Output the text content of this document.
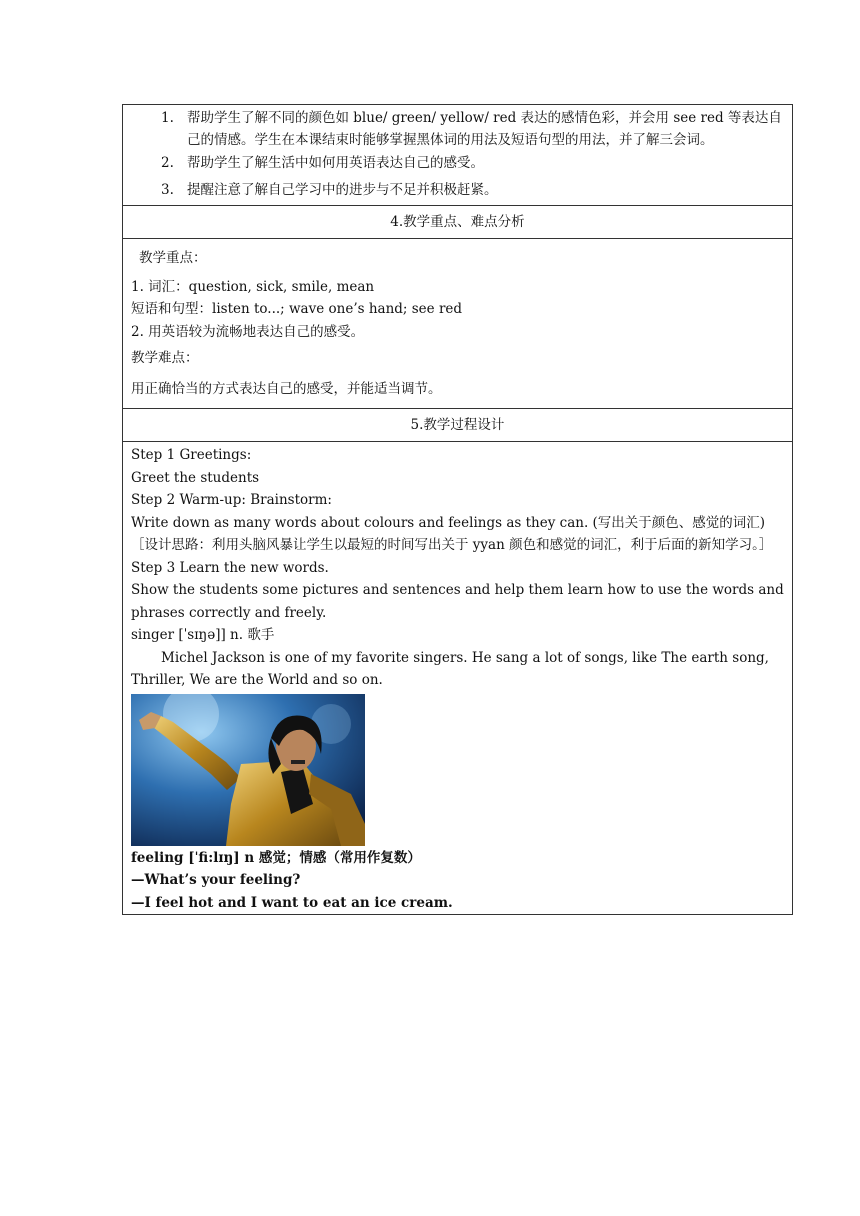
1. 帮助学生了解不同的颜色如 blue/ green/ yellow/ red 表达的感情色彩，并会用 see red 等表达自己的情感。学生在本课结束时能够掌握黑体词的用法及短语句型的用法，并了解三会词。
2. 帮助学生了解生活中如何用英语表达自己的感受。
3. 提醒注意了解自己学习中的进步与不足并积极赶紧。
4.教学重点、难点分析

教学重点：

1. 词汇：question, sick, smile, mean

短语和句型：listen to...; wave one’s hand; see red

2. 用英语较为流畅地表达自己的感受。

教学难点：

用正确恰当的方式表达自己的感受，并能适当调节。

5.教学过程设计

Step 1 Greetings:

Greet the students

Step 2 Warm-up: Brainstorm:

Write down as many words about colours and feelings as they can. (写出关于颜色、感觉的词汇)

［设计思路：利用头脑风暴让学生以最短的时间写出关于 yyan 颜色和感觉的词汇，利于后面的新知学习。］

Step 3 Learn the new words.

Show the students some pictures and sentences and help them learn how to use the words and phrases correctly and freely.

singer [ˈsɪŋə]] n. 歌手

Michel Jackson is one of my favorite singers. He sang a lot of songs, like The earth song, Thriller, We are the World and so on.

feeling [ˈfi:lɪŋ] n 感觉；情感（常用作复数）

—What’s your feeling?

—I feel hot and I want to eat an ice cream.
